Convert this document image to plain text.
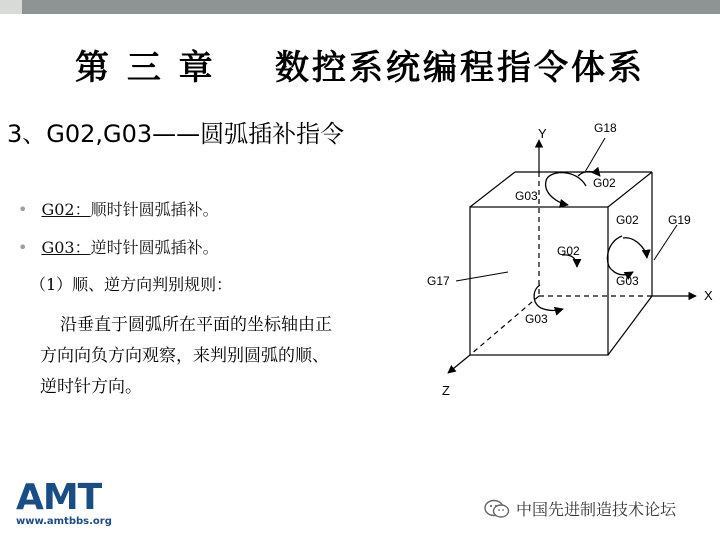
第 三 章    数控系统编程指令体系
3、G02,G03——圆弧插补指令
• G02：顺时针圆弧插补。
• G03：逆时针圆弧插补。
（1）顺、逆方向判别规则：
沿垂直于圆弧所在平面的坐标轴由正方向向负方向观察，来判别圆弧的顺、逆时针方向。
Y
X
Z
G18
G02
G03
G02 G19
G02
G03
G17
G03
AMT
www.amtbbs.org
中国先进制造技术论坛
